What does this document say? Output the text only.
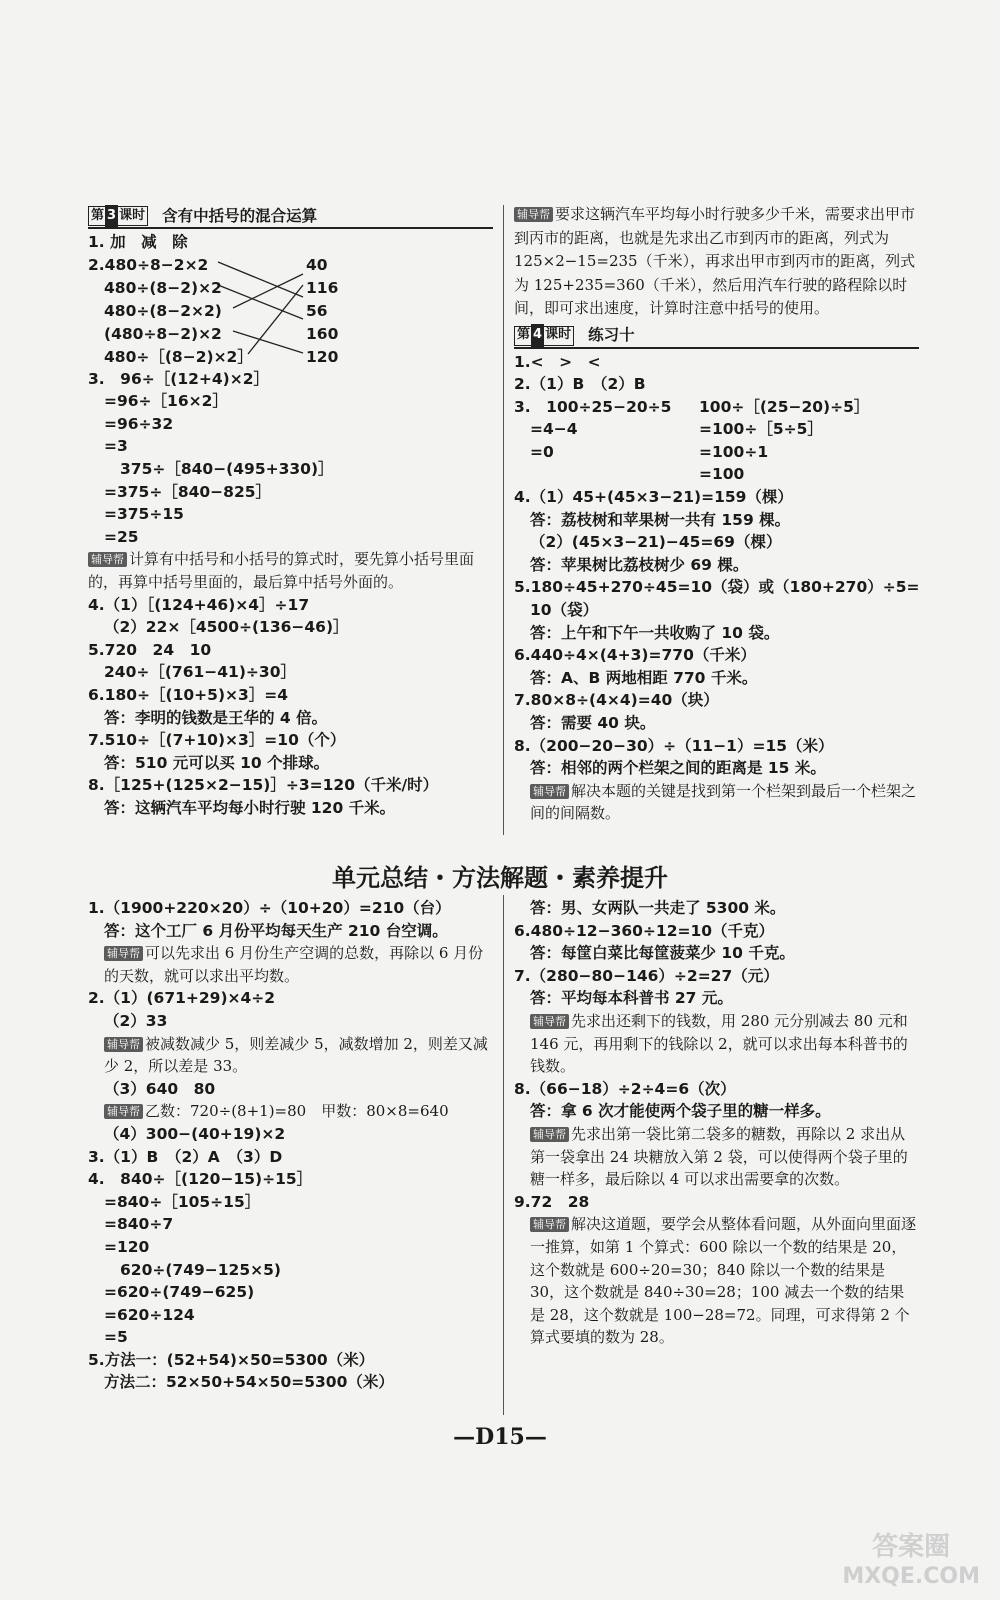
第 3 课时 含有中括号的混合运算
1. 加　减　除
2.480÷8−2×2
480÷(8−2)×2
480÷(8−2×2)
(480÷8−2)×2
480÷［(8−2)×2］
40
116
56
160
120
3.　96÷［(12+4)×2］
=96÷［16×2］
=96÷32
=3
375÷［840−(495+330)］
=375÷［840−825］
=375÷15
=25
辅导帮 计算有中括号和小括号的算式时，要先算小括号里面的，再算中括号里面的，最后算中括号外面的。
4.（1）［(124+46)×4］÷17
（2）22×［4500÷(136−46)］
5.720　24　10
240÷［(761−41)÷30］
6.180÷［(10+5)×3］=4
答：李明的钱数是王华的 4 倍。
7.510÷［(7+10)×3］=10（个）
答：510 元可以买 10 个排球。
8.［125+(125×2−15)］÷3=120（千米/时）
答：这辆汽车平均每小时行驶 120 千米。
辅导帮 要求这辆汽车平均每小时行驶多少千米，需要求出甲市到丙市的距离，也就是先求出乙市到丙市的距离，列式为 125×2−15=235（千米），再求出甲市到丙市的距离，列式为 125+235=360（千米），然后用汽车行驶的路程除以时间，即可求出速度，计算时注意中括号的使用。
第 4 课时 练习十
1.<　>　<
2.（1）B　（2）B
3.　100÷25−20÷5
=4−4
=0
100÷［(25−20)÷5］
=100÷［5÷5］
=100÷1
=100
4.（1）45+(45×3−21)=159（棵）
答：荔枝树和苹果树一共有 159 棵。
（2）(45×3−21)−45=69（棵）
答：苹果树比荔枝树少 69 棵。
5.180÷45+270÷45=10（袋）或（180+270）÷5=
10（袋）
答：上午和下午一共收购了 10 袋。
6.440÷4×(4+3)=770（千米）
答：A、B 两地相距 770 千米。
7.80×8÷(4×4)=40（块）
答：需要 40 块。
8.（200−20−30）÷（11−1）=15（米）
答：相邻的两个栏架之间的距离是 15 米。
辅导帮 解决本题的关键是找到第一个栏架到最后一个栏架之间的间隔数。
单元总结・方法解题・素养提升
1.（1900+220×20）÷（10+20）=210（台）
答：这个工厂 6 月份平均每天生产 210 台空调。
辅导帮 可以先求出 6 月份生产空调的总数，再除以 6 月份的天数，就可以求出平均数。
2.（1）(671+29)×4÷2
（2）33
辅导帮 被减数减少 5，则差减少 5，减数增加 2，则差又减少 2，所以差是 33。
（3）640　80
辅导帮 乙数：720÷(8+1)=80　甲数：80×8=640
（4）300−(40+19)×2
3.（1）B　（2）A　（3）D
4.　840÷［(120−15)÷15］
=840÷［105÷15］
=840÷7
=120
620÷(749−125×5)
=620÷(749−625)
=620÷124
=5
5.方法一：(52+54)×50=5300（米）
方法二：52×50+54×50=5300（米）
答：男、女两队一共走了 5300 米。
6.480÷12−360÷12=10（千克）
答：每筐白菜比每筐菠菜少 10 千克。
7.（280−80−146）÷2=27（元）
答：平均每本科普书 27 元。
辅导帮 先求出还剩下的钱数，用 280 元分别减去 80 元和 146 元，再用剩下的钱除以 2，就可以求出每本科普书的钱数。
8.（66−18）÷2÷4=6（次）
答：拿 6 次才能使两个袋子里的糖一样多。
辅导帮 先求出第一袋比第二袋多的糖数，再除以 2 求出从第一袋拿出 24 块糖放入第 2 袋，可以使得两个袋子里的糖一样多，最后除以 4 可以求出需要拿的次数。
9.72　28
辅导帮 解决这道题，要学会从整体看问题，从外面向里面逐一推算，如第 1 个算式：600 除以一个数的结果是 20，这个数就是 600÷20=30；840 除以一个数的结果是 30，这个数就是 840÷30=28；100 减去一个数的结果是 28，这个数就是 100−28=72。同理，可求得第 2 个算式要填的数为 28。
—D15—
答案圈
MXQE.COM
